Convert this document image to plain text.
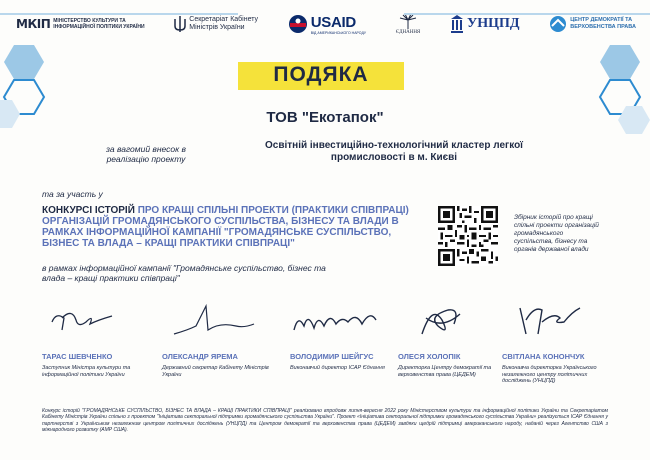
МКІП МІНІСТЕРСТВО КУЛЬТУРИ ТА
ІНФОРМАЦІЙНОЇ ПОЛІТИКИ УКРАЇНИ
Секретаріат Кабінету
Міністрів України	USAID
ВІД АМЕРИКАНСЬКОГО НАРОДУ	ЄДНАННЯ
УНЦПД	ЦЕНТР ДЕМОКРАТІЇ ТА
ВЕРХОВЕНСТВА ПРАВА
ПОДЯКА
ТОВ "Екотапок"
за вагомий внесок в реалізацію проекту
Освітній інвестиційно-технологічний кластер легкої промисловості в м. Києві
та за участь у
КОНКУРСІ ІСТОРІЙ ПРО КРАЩІ СПІЛЬНІ ПРОЕКТИ (ПРАКТИКИ СПІВПРАЦІ) ОРГАНІЗАЦІЙ ГРОМАДЯНСЬКОГО СУСПІЛЬСТВА, БІЗНЕСУ ТА ВЛАДИ В РАМКАХ ІНФОРМАЦІЙНОЇ КАМПАНІЇ "ГРОМАДЯНСЬКЕ СУСПІЛЬСТВО, БІЗНЕС ТА ВЛАДА – КРАЩІ ПРАКТИКИ СПІВПРАЦІ"
в рамках інформаційної кампанії "Громадянське суспільство, бізнес та влада – кращі практики співпраці"
Збірник історій про кращі спільні проекти організацій громадянського суспільства, бізнесу та органів державної влади
ТАРАС ШЕВЧЕНКО
Заступник Міністра культури та інформаційної політики України
ОЛЕКСАНДР ЯРЕМА
Державний секретар Кабінету Міністрів України
ВОЛОДИМИР ШЕЙГУС
Виконавчий директор ІСАР Єднання
ОЛЕСЯ ХОЛОПІК
Директорка Центру демократії та верховенства права (ЦЕДЕМ)
СВІТЛАНА КОНОНЧУК
Виконавча директорка Українського незалежного центру політичних досліджень (УНЦПД)
Конкурс історій "ГРОМАДЯНСЬКЕ СУСПІЛЬСТВО, БІЗНЕС ТА ВЛАДА – КРАЩІ ПРАКТИКИ СПІВПРАЦІ" реалізовано впродовж липня-вересня 2022 року Міністерством культури та інформаційної політики України та Секретаріатом Кабінету Міністрів України спільно з проектом "Ініціатива секторальної підтримки громадянського суспільства України". Проект «Ініціатива секторальної підтримки громадянського суспільства України» реалізується ІСАР Єднання у партнерстві з Українським незалежним центром політичних досліджень (УНЦПД) та Центром демократії та верховенства права (ЦЕДЕМ) завдяки щедрій підтримці американського народу, наданій через Агентство США з міжнародного розвитку (АМР США).
